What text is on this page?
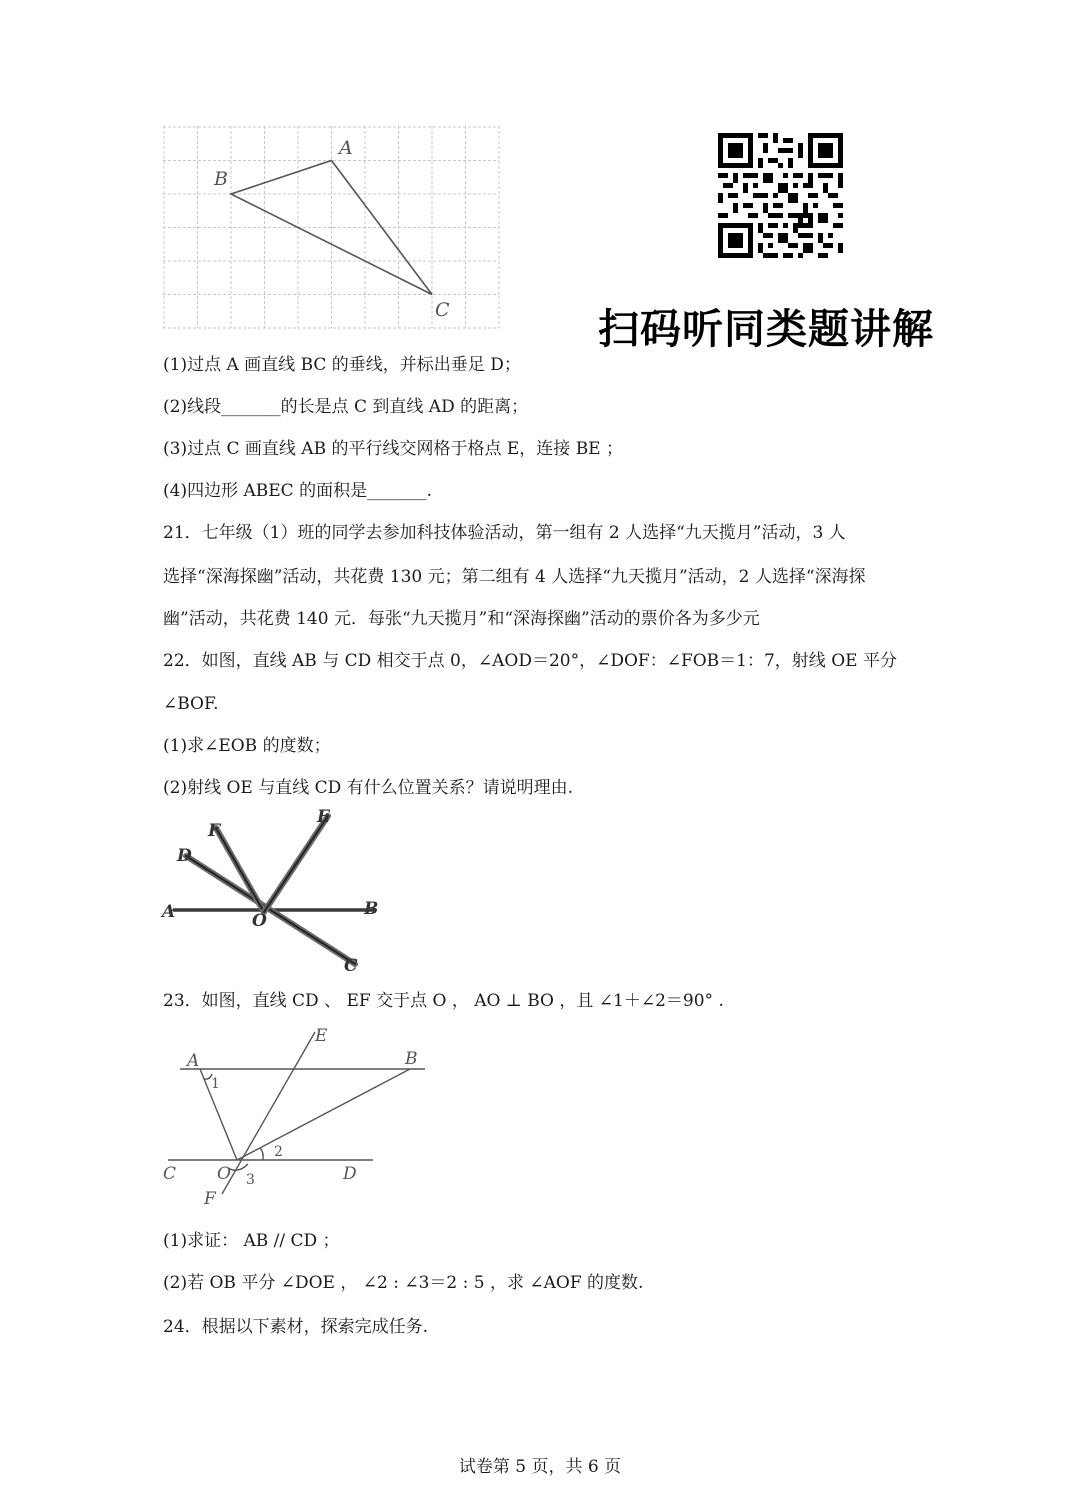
A
B
C	扫码听同类题讲解
(1)过点 A 画直线 BC 的垂线，并标出垂足 D；
(2)线段_______的长是点 C 到直线 AD 的距离；
(3)过点 C 画直线 AB 的平行线交网格于格点 E，连接 BE ；
(4)四边形 ABEC 的面积是_______.
21．七年级（1）班的同学去参加科技体验活动，第一组有 2 人选择“九天揽月”活动，3 人
选择“深海探幽”活动，共花费 130 元；第二组有 4 人选择“九天揽月”活动，2 人选择“深海探
幽”活动，共花费 140 元．每张“九天揽月”和“深海探幽”活动的票价各为多少元
22．如图，直线 AB 与 CD 相交于点 0，∠AOD＝20°，∠DOF：∠FOB＝1：7，射线 OE 平分
∠BOF.
(1)求∠EOB 的度数；
(2)射线 OE 与直线 CD 有什么位置关系？请说明理由.
A	B
C
D
E
F
O
23．如图，直线 CD 、 EF 交于点 O ， AO ⊥ BO ，且 ∠1＋∠2＝90° .
A	B
C	D
E
F
O
1
2
3
(1)求证： AB // CD ；
(2)若 OB 平分 ∠DOE ， ∠2 : ∠3＝2 : 5 ，求 ∠AOF 的度数.
24．根据以下素材，探索完成任务.
试卷第 5 页，共 6 页
